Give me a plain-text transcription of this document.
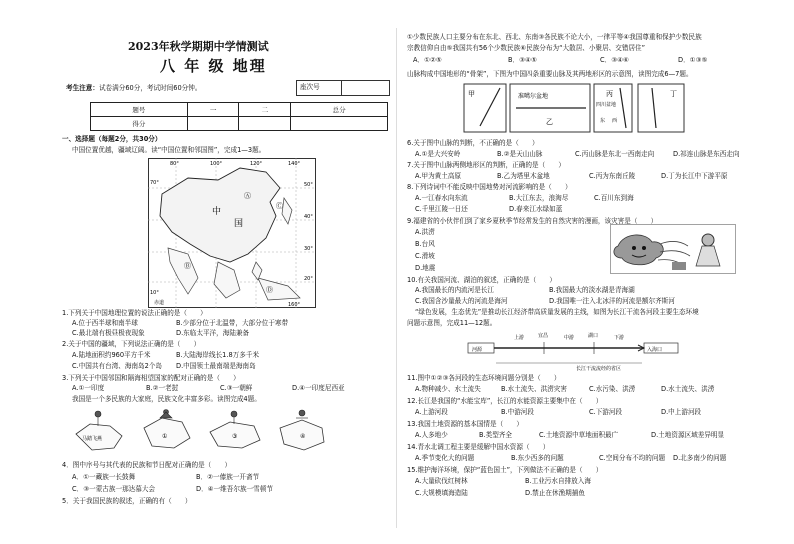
2023年秋学期期中学情测试
八 年 级 地理
考生注意：试卷满分60分，考试时间60分钟。	座次号
题号	一	二	总分
得分			
一、选择题（每题2分，共30分）
中国位置优越，疆域辽阔。读“中国位置和邻国图”，完成1—3题。
中
国
Ⓐ
Ⓑ
Ⓒ
Ⓓ
赤道
20°
30°
40°
50°
10°
80°	100°	120°	140°
160°
70°
1.下列关于中国地理位置的说法正确的是（　　）
A.位于西半球和南半球	B.少部分位于北温带，大部分位于寒带
C.最北端有极昼极夜现象	D.东临太平洋，海陆兼备
2.关于中国的疆域，下列说法正确的是（　　）
A.陆地面积约960平方千米	B.大陆海岸线长1.8万多千米
C.中国共有台湾、海南岛2个岛 D.中国领土最南端是海南岛
3.下列关于中国邻国和隔海相望国家的配对正确的是（　　）
A.①一印度	B.②一老挝	C.③一朝鲜	D.④一印度尼西亚
我国是一个多民族的大家庭，民族文化丰富多彩。读图完成4题。
马踏飞燕	①	③	④
4．图中序号与其代表的民族和节日配对正确的是（　　）
A．①一藏族一长鼓舞	B．②一傣族一开斋节
C．③一蒙古族一那达慕大会	D．④一维吾尔族一雪顿节
5．关于我国民族的叙述，正确的有（　　）
①少数民族人口主要分布在东北、西北、东南③各民族不论大小，一律平等④我国尊重和保护少数民族
宗教信仰自由⑤我国共有56个少数民族⑥民族分布为“大散居、小聚居、交错居住”
A．①②⑤	B．③④⑤	C．③④⑥	D．①③⑤
山脉构成中国地形的“骨架”，下图为中国四条重要山脉及其两地形区的示意图，读图完成6—7题。
甲	准噶尔盆地
乙
四川盆地
东 西
丙	丁
6.关于图中山脉的判断，不正确的是（　　）
A.①是大兴安岭	B.②是天山山脉	C.丙山脉是东北一西南走向	D.祁连山脉是东西走向
7.关于图中山脉两侧地形区的判断，正确的是（　　）
A.甲为黄土高原	B.乙为塔里木盆地	C.丙为东南丘陵	D.丁为长江中下游平原
8.下列诗词中不能反映中国地势对河流影响的是（　　）
A.一江春水向东流	B.大江东去，浪淘尽	C.百川东到海
C.千里江陵一日还	D.春来江水绿如蓝
9.福建省的小伙伴们到了家乡夏秋季节经常发生的自然灾害的漫画，该灾害是（　　）
A.洪涝
B.台风
C.滑坡
D.地震
10.有关我国河流、湖泊的叙述，正确的是（　　）
A.我国最长的内流河是长江	B.我国最大的淡水湖是青海湖
C.我国含沙量最大的河流是海河	D.我国唯一注入北冰洋的河流是额尔齐斯河
“绿色发展，生态优先”是推动长江经济带高质量发展的主线，如图为长江干流各河段主要生态环境
问题示意图，完成11—12题。
河源
上游	宜昌	中游	湖口	下游
入海口
长江干流流经的省区
11.图中①②③各河段的生态环境问题分别是（　　）
A.物种减少、水土流失	B.水土流失、洪涝灾害	C.水污染、洪涝	D.水土流失、洪涝
12.长江是我国的“水能宝库”，长江的水能资源主要集中在（　　）
A.上游河段	B.中游河段	C.下游河段	D.中上游河段
13.我国土地资源的基本国情是（　　）
A.人多地少	B.类型齐全	C.土地资源中草地面积最广	D.土地资源区域差异明显
14.青水北调工程主要是缓解中国水资源（　　）
A.季节变化大的问题	B.东少西多的问题	C.空间分布不均的问题 D.北多南少的问题
15.维护海洋环境，保护“蓝色国土”，下列做法不正确的是（　　）
A.大量砍伐红树林	B.工业污水自排放入海
C.大规模填海造陆	D.禁止在休渔期捕鱼
